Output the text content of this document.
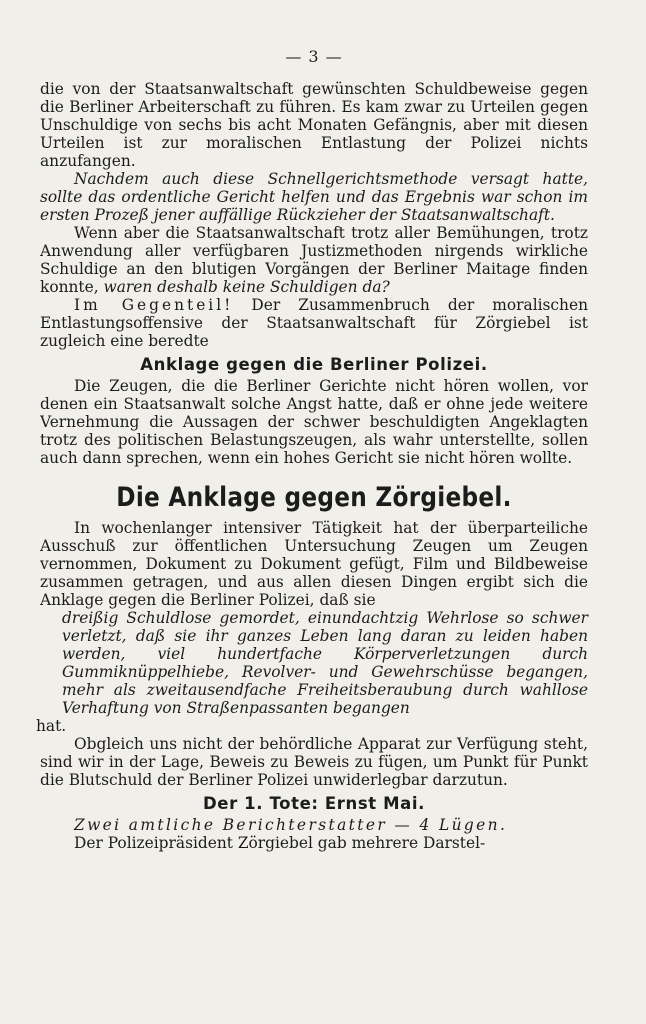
— 3 —

die von der Staatsanwaltschaft gewünschten Schuldbeweise gegen die Berliner Arbeiterschaft zu führen. Es kam zwar zu Urteilen gegen Unschuldige von sechs bis acht Monaten Gefängnis, aber mit diesen Urteilen ist zur moralischen Entlastung der Polizei nichts anzufangen.

Nachdem auch diese Schnellgerichtsmethode versagt hatte, sollte das ordentliche Gericht helfen und das Ergebnis war schon im ersten Prozeß jener auffällige Rückzieher der Staatsanwaltschaft.

Wenn aber die Staatsanwaltschaft trotz aller Bemühungen, trotz Anwendung aller verfügbaren Justizmethoden nirgends wirkliche Schuldige an den blutigen Vorgängen der Berliner Maitage finden konnte, waren deshalb keine Schuldigen da?

Im Gegenteil! Der Zusammenbruch der moralischen Entlastungsoffensive der Staatsanwaltschaft für Zörgiebel ist zugleich eine beredte

Anklage gegen die Berliner Polizei.

Die Zeugen, die die Berliner Gerichte nicht hören wollen, vor denen ein Staatsanwalt solche Angst hatte, daß er ohne jede weitere Vernehmung die Aussagen der schwer beschuldigten Angeklagten trotz des politischen Belastungszeugen, als wahr unterstellte, sollen auch dann sprechen, wenn ein hohes Gericht sie nicht hören wollte.

Die Anklage gegen Zörgiebel.

In wochenlanger intensiver Tätigkeit hat der überparteiliche Ausschuß zur öffentlichen Untersuchung Zeugen um Zeugen vernommen, Dokument zu Dokument gefügt, Film und Bildbeweise zusammen getragen, und aus allen diesen Dingen ergibt sich die Anklage gegen die Berliner Polizei, daß sie

dreißig Schuldlose gemordet, einundachtzig Wehrlose so schwer verletzt, daß sie ihr ganzes Leben lang daran zu leiden haben werden, viel hundertfache Körperverletzungen durch Gummiknüppelhiebe, Revolver- und Gewehrschüsse begangen, mehr als zweitausendfache Freiheitsberaubung durch wahllose Verhaftung von Straßenpassanten begangen

hat.

Obgleich uns nicht der behördliche Apparat zur Verfügung steht, sind wir in der Lage, Beweis zu Beweis zu fügen, um Punkt für Punkt die Blutschuld der Berliner Polizei unwiderlegbar darzutun.

Der 1. Tote: Ernst Mai.

Zwei amtliche Berichterstatter — 4 Lügen.

Der Polizeipräsident Zörgiebel gab mehrere Darstel-
